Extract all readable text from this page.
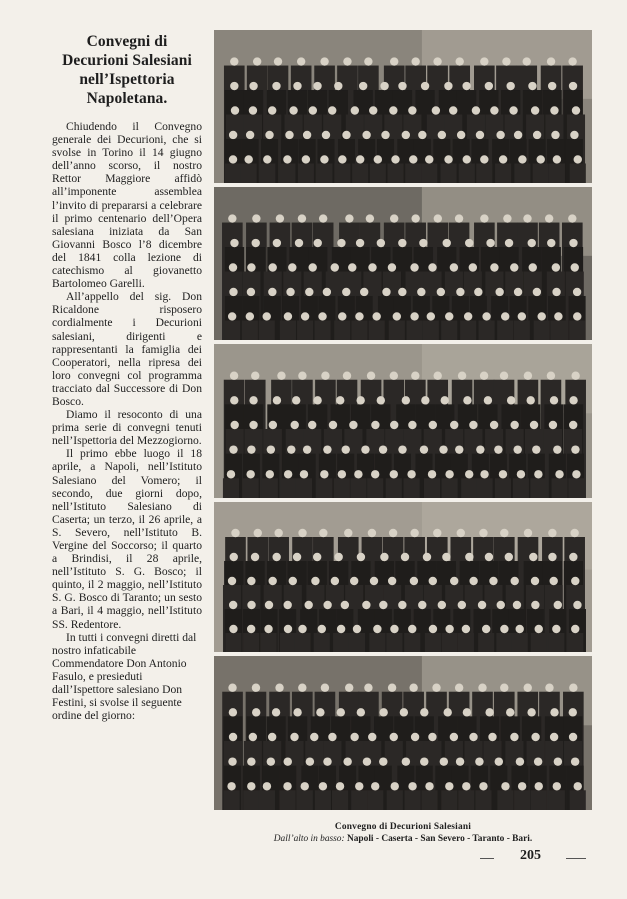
Convegni di Decurioni Salesiani nell’Ispettoria Napoletana.

Chiudendo il Convegno generale dei Decurioni, che si svolse in Torino il 14 giugno dell’anno scorso, il nostro Rettor Maggiore affidò all’imponente assemblea l’invito di prepararsi a celebrare il primo centenario dell’Opera salesiana iniziata da San Giovanni Bosco l’8 dicembre del 1841 colla lezione di catechismo al giovanetto Bartolomeo Garelli.

All’appello del sig. Don Ricaldone risposero cordialmente i Decurioni salesiani, dirigenti e rappresentanti la famiglia dei Cooperatori, nella ripresa dei loro convegni col programma tracciato dal Successore di Don Bosco.

Diamo il resoconto di una prima serie di convegni tenuti nell’Ispettoria del Mezzogiorno.

Il primo ebbe luogo il 18 aprile, a Napoli, nell’Istituto Salesiano del Vomero; il secondo, due giorni dopo, nell’Istituto Salesiano di Caserta; un terzo, il 26 aprile, a S. Severo, nell’Istituto B. Vergine del Soccorso; il quarto a Brindisi, il 28 aprile, nell’Istituto S. G. Bosco; il quinto, il 2 maggio, nell’Istituto S. G. Bosco di Taranto; un sesto a Bari, il 4 maggio, nell’Istituto SS. Redentore.

In tutti i convegni diretti dal nostro infaticabile Commendatore Don Antonio Fasulo, e presieduti dall’Ispettore salesiano Don Festini, si svolse il seguente ordine del giorno:

Convegno di Decurioni Salesiani
Dall’alto in basso: Napoli - Caserta - San Severo - Taranto - Bari.
205
